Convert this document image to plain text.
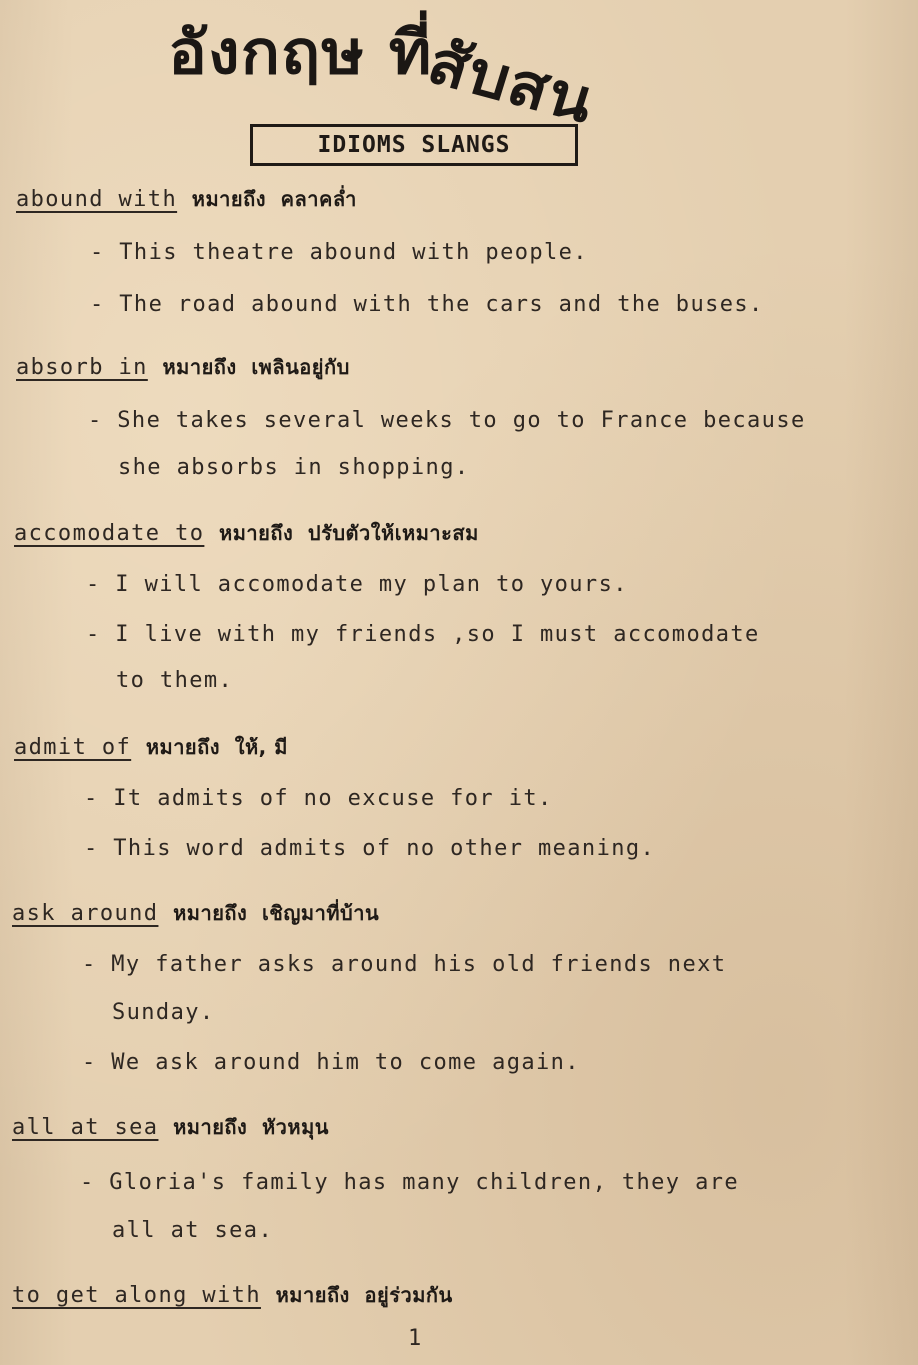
อังกฤษ ที่สับสน
IDIOMS SLANGS

abound with หมายถึง คลาคล่ำ

- This theatre abound with people.

- The road abound with the cars and the buses.

absorb in หมายถึง เพลินอยู่กับ

- She takes several weeks to go to France because

she absorbs in shopping.

accomodate to หมายถึง ปรับตัวให้เหมาะสม

- I will accomodate my plan to yours.

- I live with my friends ,so I must accomodate

to them.

admit of หมายถึง ให้, มี

- It admits of no excuse for it.

- This word admits of no other meaning.

ask around หมายถึง เชิญมาที่บ้าน

- My father asks around his old friends next

Sunday.

- We ask around him to come again.

all at sea หมายถึง หัวหมุน

- Gloria's family has many children, they are

all at sea.

to get along with หมายถึง อยู่ร่วมกัน

1
